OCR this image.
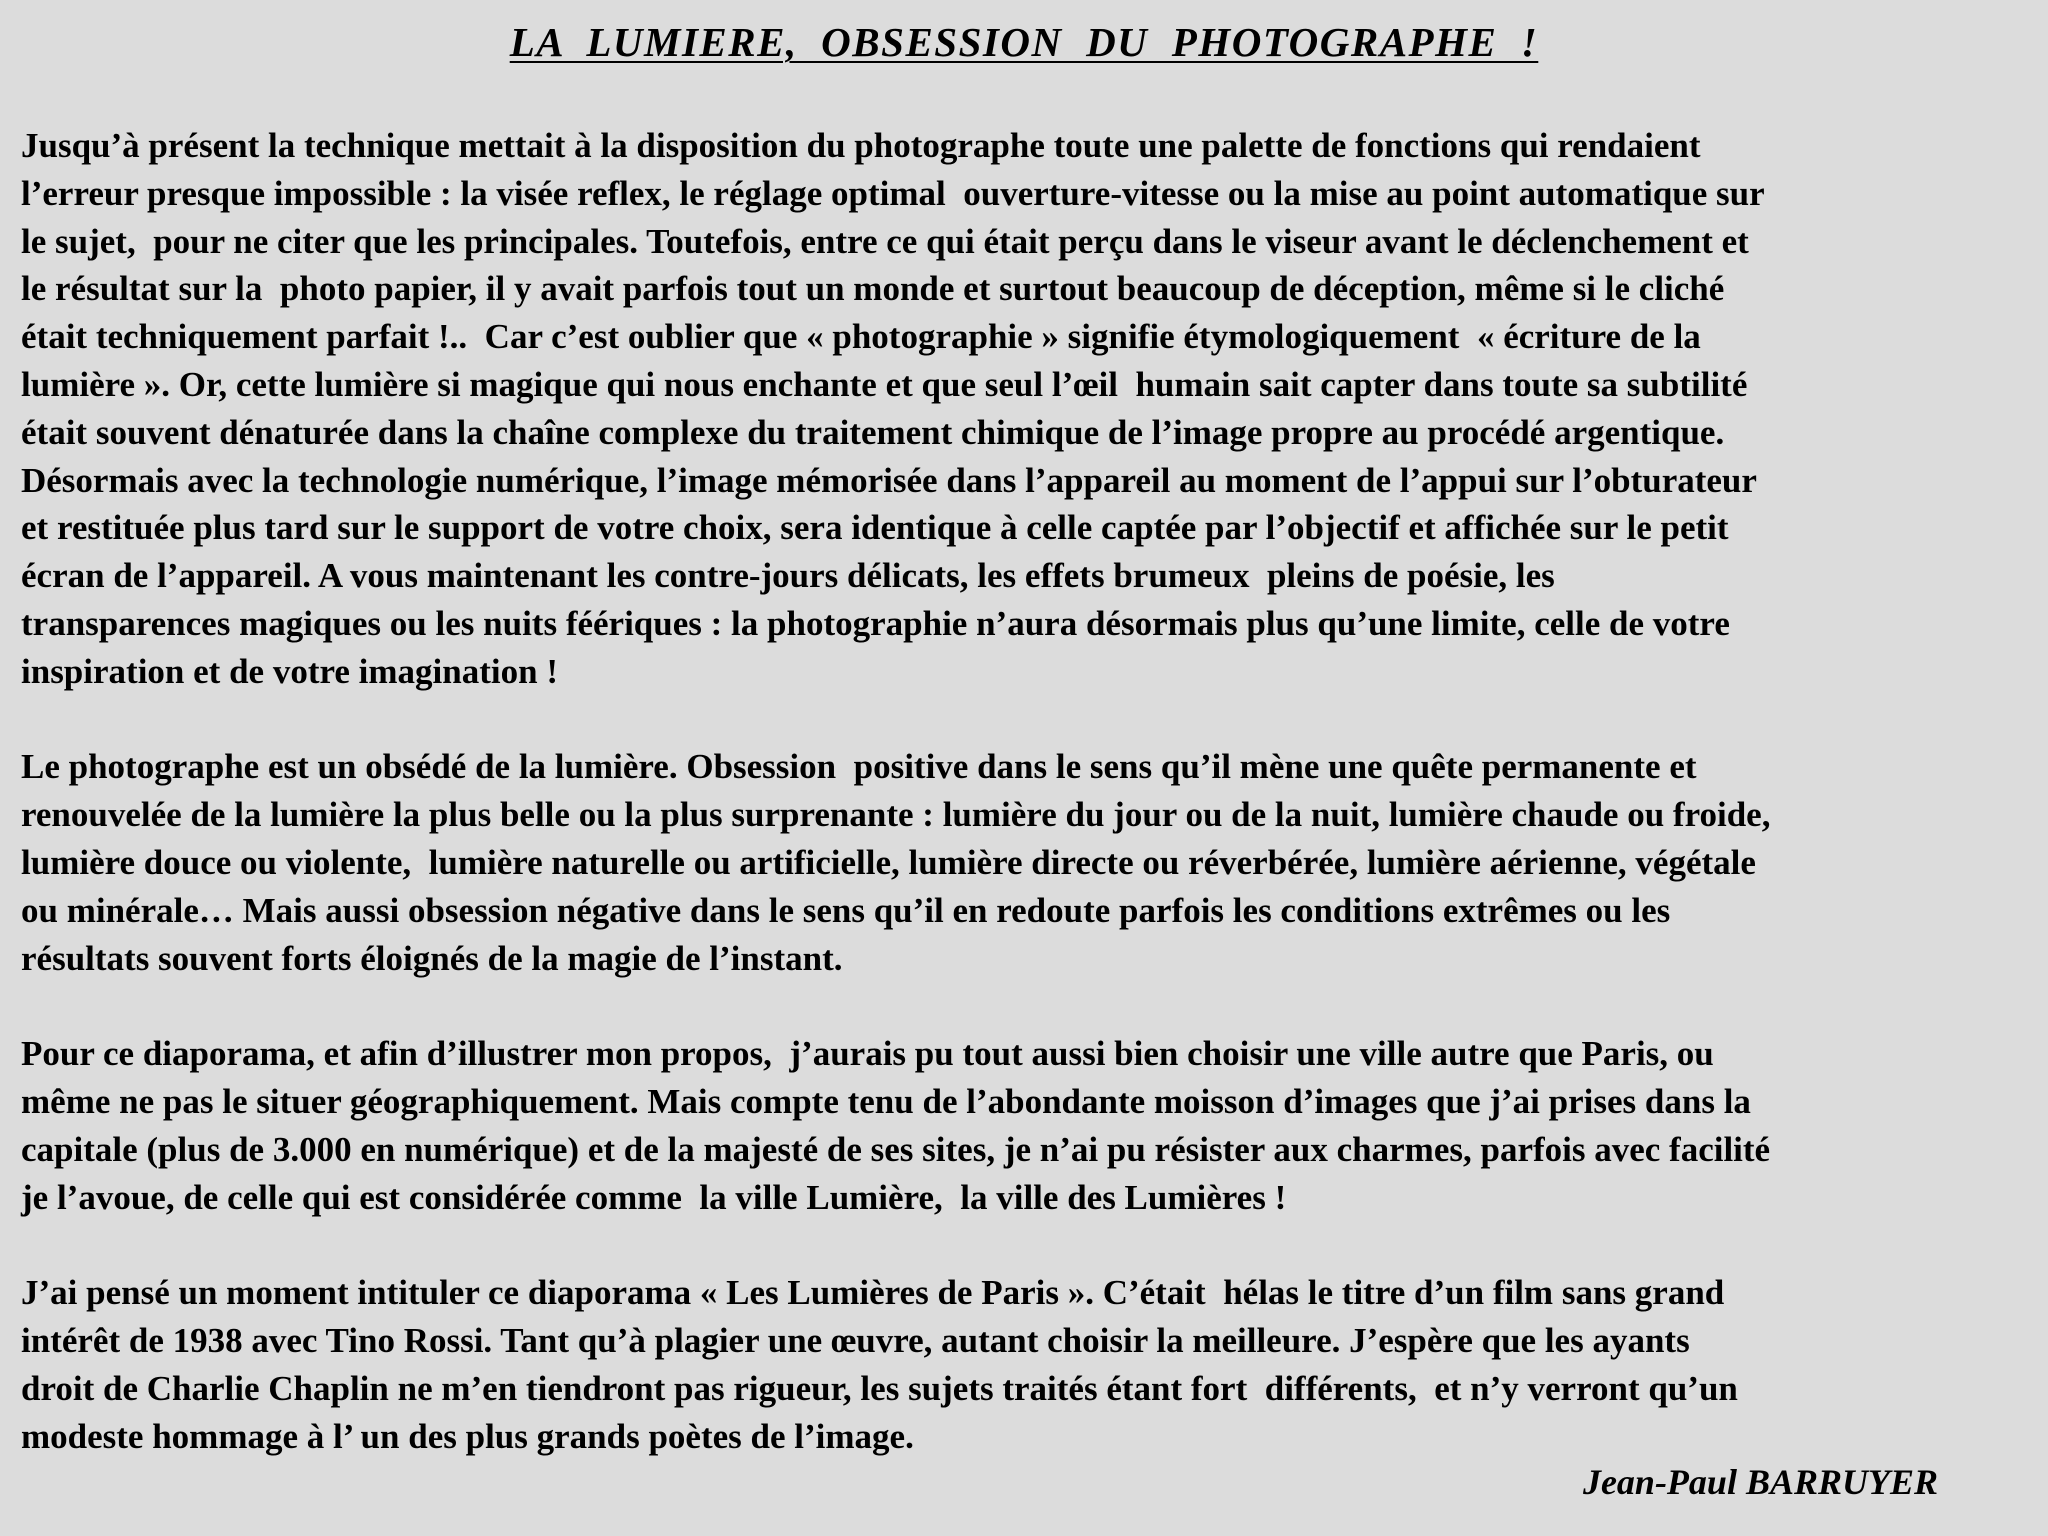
LA  LUMIERE,  OBSESSION  DU  PHOTOGRAPHE  !
Jusqu’à présent la technique mettait à la disposition du photographe toute une palette de fonctions qui rendaient
l’erreur presque impossible : la visée reflex, le réglage optimal  ouverture-vitesse ou la mise au point automatique sur
le sujet,  pour ne citer que les principales. Toutefois, entre ce qui était perçu dans le viseur avant le déclenchement et
le résultat sur la  photo papier, il y avait parfois tout un monde et surtout beaucoup de déception, même si le cliché
était techniquement parfait !..  Car c’est oublier que « photographie » signifie étymologiquement  « écriture de la
lumière ». Or, cette lumière si magique qui nous enchante et que seul l’œil  humain sait capter dans toute sa subtilité
était souvent dénaturée dans la chaîne complexe du traitement chimique de l’image propre au procédé argentique.
Désormais avec la technologie numérique, l’image mémorisée dans l’appareil au moment de l’appui sur l’obturateur
et restituée plus tard sur le support de votre choix, sera identique à celle captée par l’objectif et affichée sur le petit
écran de l’appareil. A vous maintenant les contre-jours délicats, les effets brumeux  pleins de poésie, les
transparences magiques ou les nuits féériques : la photographie n’aura désormais plus qu’une limite, celle de votre
inspiration et de votre imagination !
Le photographe est un obsédé de la lumière. Obsession  positive dans le sens qu’il mène une quête permanente et
renouvelée de la lumière la plus belle ou la plus surprenante : lumière du jour ou de la nuit, lumière chaude ou froide,
lumière douce ou violente,  lumière naturelle ou artificielle, lumière directe ou réverbérée, lumière aérienne, végétale
ou minérale… Mais aussi obsession négative dans le sens qu’il en redoute parfois les conditions extrêmes ou les
résultats souvent forts éloignés de la magie de l’instant.
Pour ce diaporama, et afin d’illustrer mon propos,  j’aurais pu tout aussi bien choisir une ville autre que Paris, ou
même ne pas le situer géographiquement. Mais compte tenu de l’abondante moisson d’images que j’ai prises dans la
capitale (plus de 3.000 en numérique) et de la majesté de ses sites, je n’ai pu résister aux charmes, parfois avec facilité
je l’avoue, de celle qui est considérée comme  la ville Lumière,  la ville des Lumières !
J’ai pensé un moment intituler ce diaporama « Les Lumières de Paris ». C’était  hélas le titre d’un film sans grand
intérêt de 1938 avec Tino Rossi. Tant qu’à plagier une œuvre, autant choisir la meilleure. J’espère que les ayants
droit de Charlie Chaplin ne m’en tiendront pas rigueur, les sujets traités étant fort  différents,  et n’y verront qu’un
modeste hommage à l’ un des plus grands poètes de l’image.
Jean-Paul BARRUYER
